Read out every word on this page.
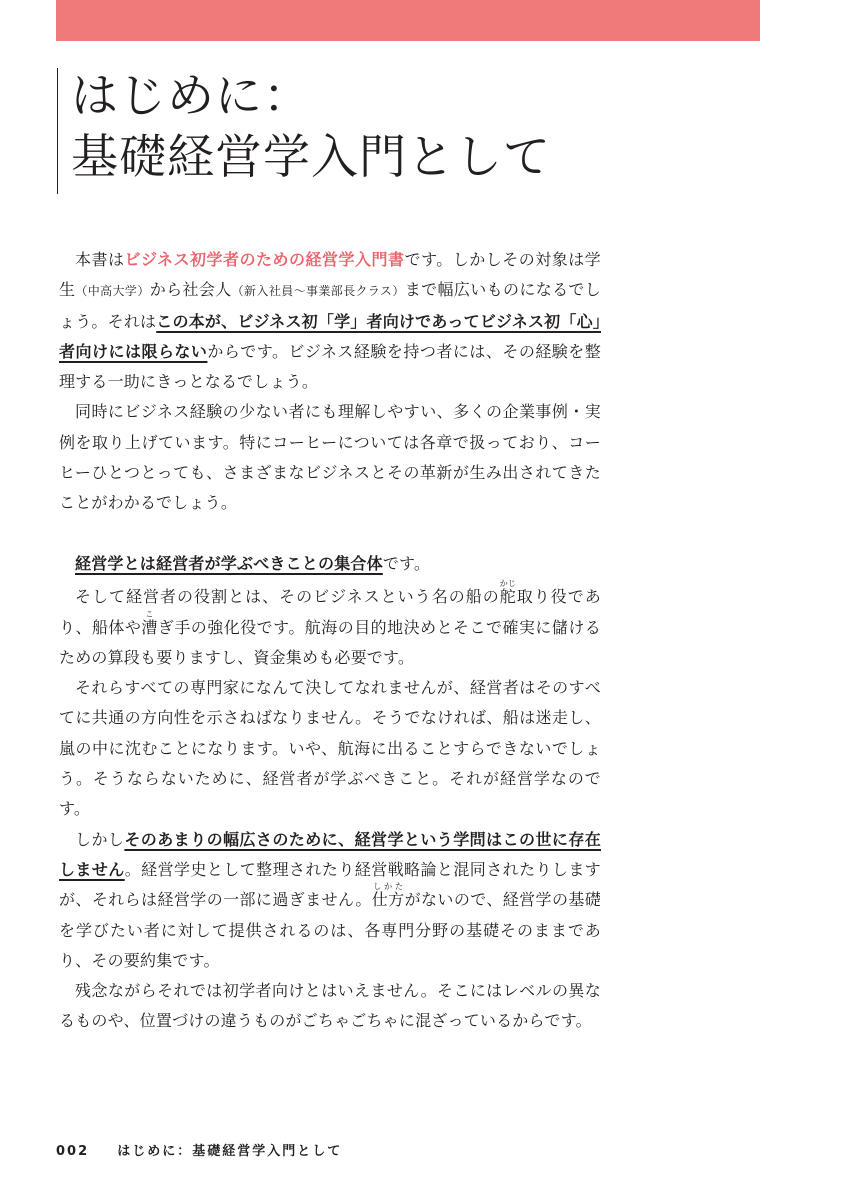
はじめに：
基礎経営学入門として

本書はビジネス初学者のための経営学入門書です。しかしその対象は学生（中高大学）から社会人（新入社員〜事業部長クラス）まで幅広いものになるでしょう。それはこの本が、ビジネス初「学」者向けであってビジネス初「心」者向けには限らないからです。ビジネス経験を持つ者には、その経験を整理する一助にきっとなるでしょう。

同時にビジネス経験の少ない者にも理解しやすい、多くの企業事例・実例を取り上げています。特にコーヒーについては各章で扱っており、コーヒーひとつとっても、さまざまなビジネスとその革新が生み出されてきたことがわかるでしょう。

経営学とは経営者が学ぶべきことの集合体です。

そして経営者の役割とは、そのビジネスという名の船の舵かじ取り役であり、船体や漕こぎ手の強化役です。航海の目的地決めとそこで確実に儲けるための算段も要りますし、資金集めも必要です。

それらすべての専門家になんて決してなれませんが、経営者はそのすべてに共通の方向性を示さねばなりません。そうでなければ、船は迷走し、嵐の中に沈むことになります。いや、航海に出ることすらできないでしょう。そうならないために、経営者が学ぶべきこと。それが経営学なのです。

しかしそのあまりの幅広さのために、経営学という学問はこの世に存在しません。経営学史として整理されたり経営戦略論と混同されたりしますが、それらは経営学の一部に過ぎません。仕方しかたがないので、経営学の基礎を学びたい者に対して提供されるのは、各専門分野の基礎そのままであり、その要約集です。

残念ながらそれでは初学者向けとはいえません。そこにはレベルの異なるものや、位置づけの違うものがごちゃごちゃに混ざっているからです。

002 はじめに：基礎経営学入門として
